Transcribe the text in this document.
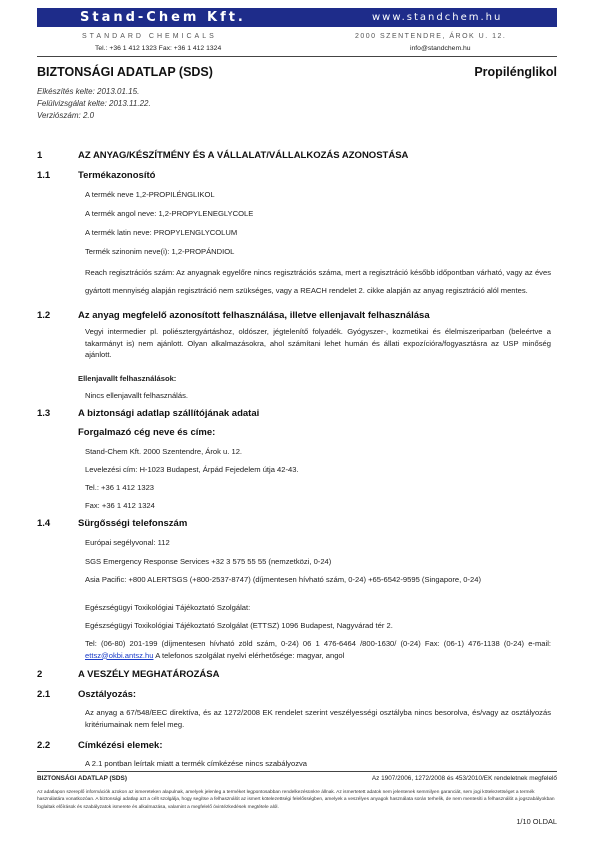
Stand-Chem Kft.	www.standchem.hu
STANDARD CHEMICALS	2000 SZENTENDRE, ÁROK U. 12.
Tel.: +36 1 412 1323 Fax: +36 1 412 1324	info@standchem.hu
BIZTONSÁGI ADATLAP (SDS)	Propilénglikol
Elkészítés kelte: 2013.01.15.
Felülvizsgálat kelte: 2013.11.22.
Verziószám: 2.0
1	AZ ANYAG/KÉSZÍTMÉNY ÉS A VÁLLALAT/VÁLLALKOZÁS AZONOSTÁSA
1.1	Termékazonosító
A termék neve 1,2-PROPILÉNGLIKOL
A termék angol neve: 1,2-PROPYLENEGLYCOLE
A termék latin neve: PROPYLENGLYCOLUM
Termék szinonim neve(i): 1,2-PROPÁNDIOL
Reach regisztrációs szám: Az anyagnak egyelőre nincs regisztrációs száma, mert a regisztráció később időpontban várható, vagy az éves gyártott mennyiség alapján regisztráció nem szükséges, vagy a REACH rendelet 2. cikke alapján az anyag regisztráció alól mentes.
1.2	Az anyag megfelelő azonosított felhasználása, illetve ellenjavalt felhasználása
Vegyi intermedier pl. poliésztergyártáshoz, oldószer, jégtelenítő folyadék. Gyógyszer-, kozmetikai és élelmiszeriparban (beleértve a takarmányt is) nem ajánlott. Olyan alkalmazásokra, ahol számítani lehet humán és állati expozícióra/fogyasztásra az USP minőség ajánlott.
Ellenjavallt felhasználások:
Nincs ellenjavallt felhasználás.
1.3	A biztonsági adatlap szállítójának adatai
Forgalmazó cég neve és címe:
Stand-Chem Kft. 2000 Szentendre, Árok u. 12.
Levelezési cím: H-1023 Budapest, Árpád Fejedelem útja 42-43.
Tel.: +36 1 412 1323
Fax: +36 1 412 1324
1.4	Sürgősségi telefonszám
Európai segélyvonal: 112
SGS Emergency Response Services +32 3 575 55 55 (nemzetközi, 0-24)
Asia Pacific: +800 ALERTSGS (+800-2537-8747) (díjmentesen hívható szám, 0-24) +65-6542-9595 (Singapore, 0-24)
Egészségügyi Toxikológiai Tájékoztató Szolgálat:
Egészségügyi Toxikológiai Tájékoztató Szolgálat (ETTSZ) 1096 Budapest, Nagyvárad tér 2.
Tel: (06-80) 201-199 (díjmentesen hívható zöld szám, 0-24) 06 1 476-6464 /800-1630/ (0-24) Fax: (06-1) 476-1138 (0-24) e-mail: ettsz@okbi.antsz.hu A telefonos szolgálat nyelvi elérhetősége: magyar, angol
2	A VESZÉLY MEGHATÁROZÁSA
2.1	Osztályozás:
Az anyag a 67/548/EEC direktíva, és az 1272/2008 EK rendelet szerint veszélyességi osztályba nincs besorolva, és/vagy az osztályozás kritériumainak nem felel meg.
2.2	Címkézési elemek:
A 2.1 pontban leírtak miatt a termék címkézése nincs szabályozva
BIZTONSÁGI ADATLAP (SDS)	Az 1907/2006, 1272/2008 és 453/2010/EK rendeletnek megfelelő
Az adatlapon szereplő információk azokon az ismereteken alapulnak, amelyek jelenleg a terméket legpontosabban rendelkezésünkre állnak. Az ismertetett adatok nem jelentenek semmilyen garanciát, sem jogi kötelezettséget a termék használatára vonatkozóan. A biztonsági adatlap azt a célt szolgálja, hogy segítse a felhasználót az ismert kötelezettségi felelősségben, amelyek a veszélyes anyagok használata során terhelik, de nem mentesíti a felhasználót a jogszabályokban foglaltak előírások és szabályzatok ismerete és alkalmazása, valamint a megfelelő óvintézkedések megtétele alól.
1/10 OLDAL
